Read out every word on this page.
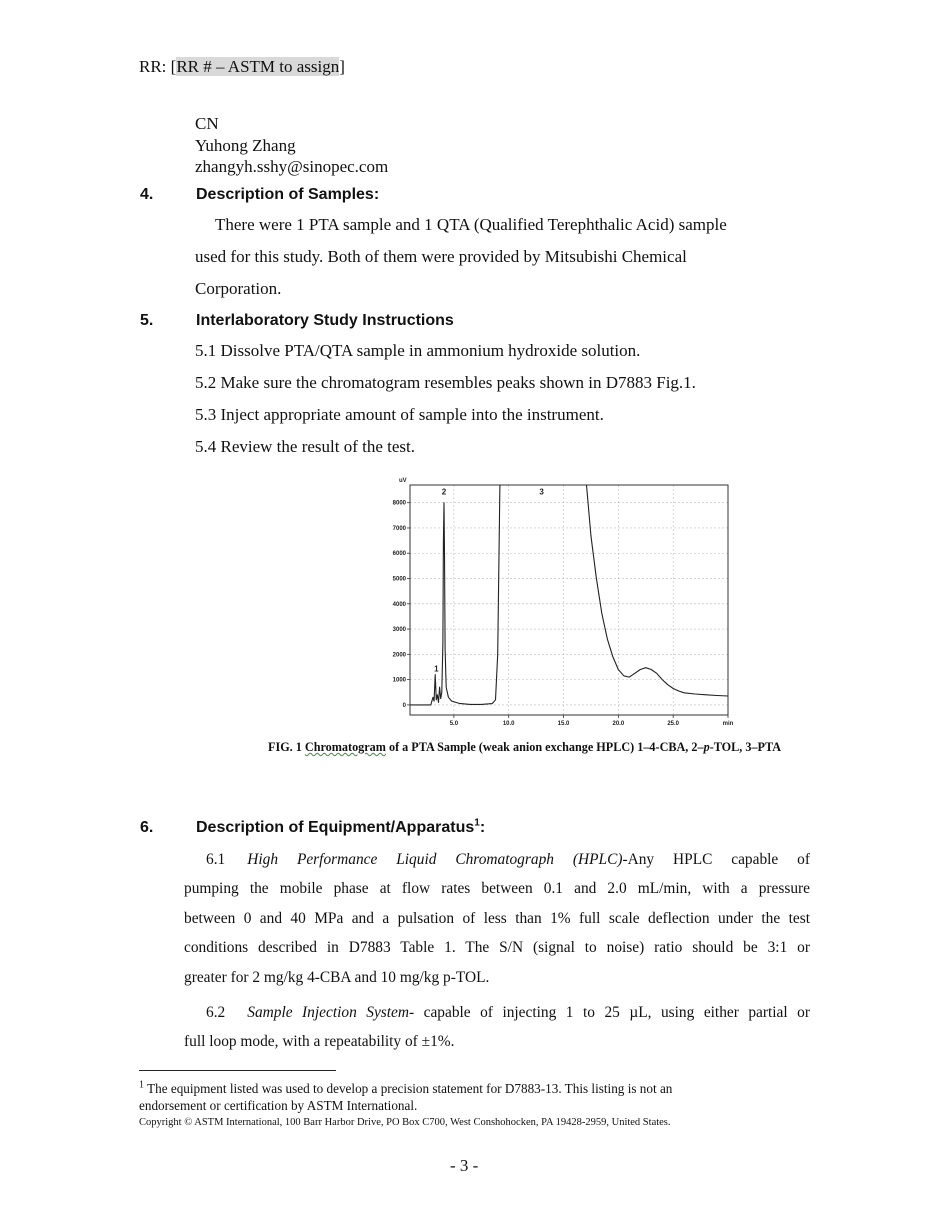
RR: [RR # – ASTM to assign]
CN
Yuhong Zhang
zhangyh.sshy@sinopec.com
4.	Description of Samples:
There were 1 PTA sample and 1 QTA (Qualified Terephthalic Acid) sample
used for this study. Both of them were provided by Mitsubishi Chemical
Corporation.
5.	Interlaboratory Study Instructions
5.1 Dissolve PTA/QTA sample in ammonium hydroxide solution.
5.2 Make sure the chromatogram resembles peaks shown in D7883 Fig.1.
5.3 Inject appropriate amount of sample into the instrument.
5.4 Review the result of the test.
1
2	3
0
1000
2000
3000
4000
5000
6000
7000
8000
5.0	10.0	15.0	20.0	25.0	min
uV
FIG. 1 Chromatogram of a PTA Sample (weak anion exchange HPLC) 1–4-CBA, 2–p-TOL, 3–PTA
6.	Description of Equipment/Apparatus$^1$:
6.1 High Performance Liquid Chromatograph (HPLC)-Any HPLC capable of
pumping the mobile phase at flow rates between 0.1 and 2.0 mL/min, with a pressure
between 0 and 40 MPa and a pulsation of less than 1% full scale deflection under the test
conditions described in D7883 Table 1. The S/N (signal to noise) ratio should be 3:1 or
greater for 2 mg/kg 4-CBA and 10 mg/kg p-TOL.
6.2 Sample Injection System- capable of injecting 1 to 25 µL, using either partial or
full loop mode, with a repeatability of ±1%.
$^1$ The equipment listed was used to develop a precision statement for D7883-13. This listing is not an
endorsement or certification by ASTM International.
Copyright © ASTM International, 100 Barr Harbor Drive, PO Box C700, West Conshohocken, PA 19428-2959, United States.
- 3 -
